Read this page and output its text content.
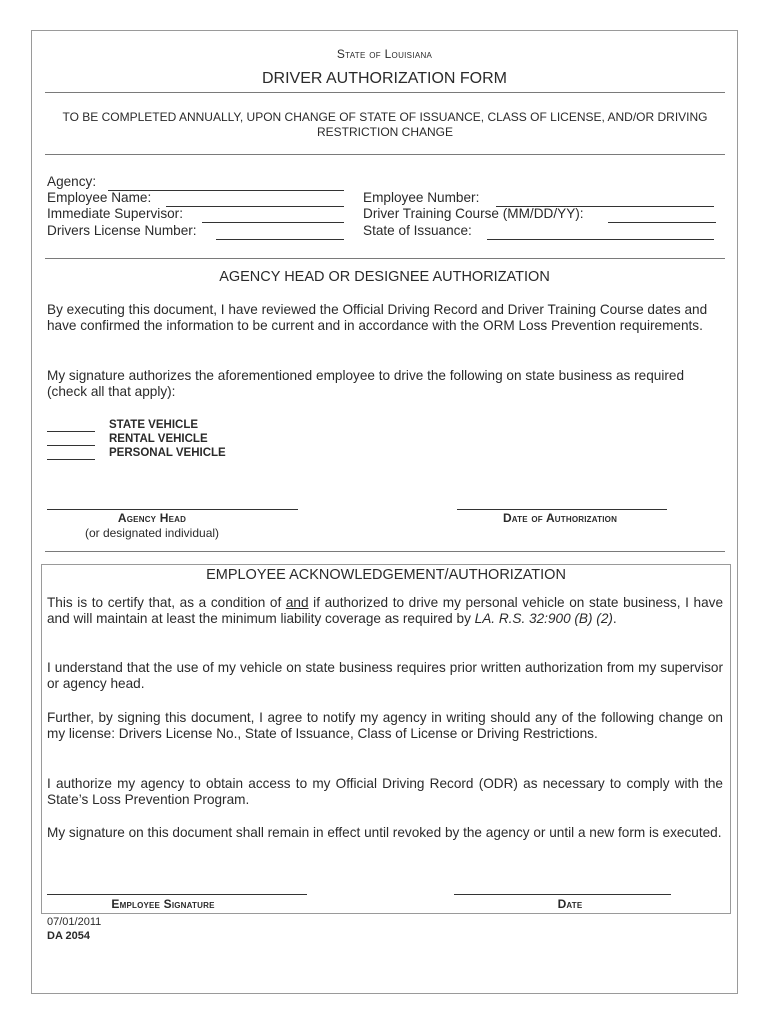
State of Louisiana
DRIVER AUTHORIZATION FORM
TO BE COMPLETED ANNUALLY, UPON CHANGE OF STATE OF ISSUANCE, CLASS OF LICENSE, AND/OR DRIVING RESTRICTION CHANGE
Agency:
Employee Name:
Immediate Supervisor:
Drivers License Number:
Employee Number:
Driver Training Course (MM/DD/YY):
State of Issuance:
AGENCY HEAD OR DESIGNEE AUTHORIZATION
By executing this document, I have reviewed the Official Driving Record and Driver Training Course dates and have confirmed the information to be current and in accordance with the ORM Loss Prevention requirements.
My signature authorizes the aforementioned employee to drive the following on state business as required (check all that apply):
STATE VEHICLE
RENTAL VEHICLE
PERSONAL VEHICLE
Agency Head
(or designated individual)
Date of Authorization
EMPLOYEE ACKNOWLEDGEMENT/AUTHORIZATION
This is to certify that, as a condition of and if authorized to drive my personal vehicle on state business, I have and will maintain at least the minimum liability coverage as required by LA. R.S. 32:900 (B) (2).
I understand that the use of my vehicle on state business requires prior written authorization from my supervisor or agency head.
Further, by signing this document, I agree to notify my agency in writing should any of the following change on my license: Drivers License No., State of Issuance, Class of License or Driving Restrictions.
I authorize my agency to obtain access to my Official Driving Record (ODR) as necessary to comply with the State’s Loss Prevention Program.
My signature on this document shall remain in effect until revoked by the agency or until a new form is executed.
Employee Signature	Date
07/01/2011
DA 2054
